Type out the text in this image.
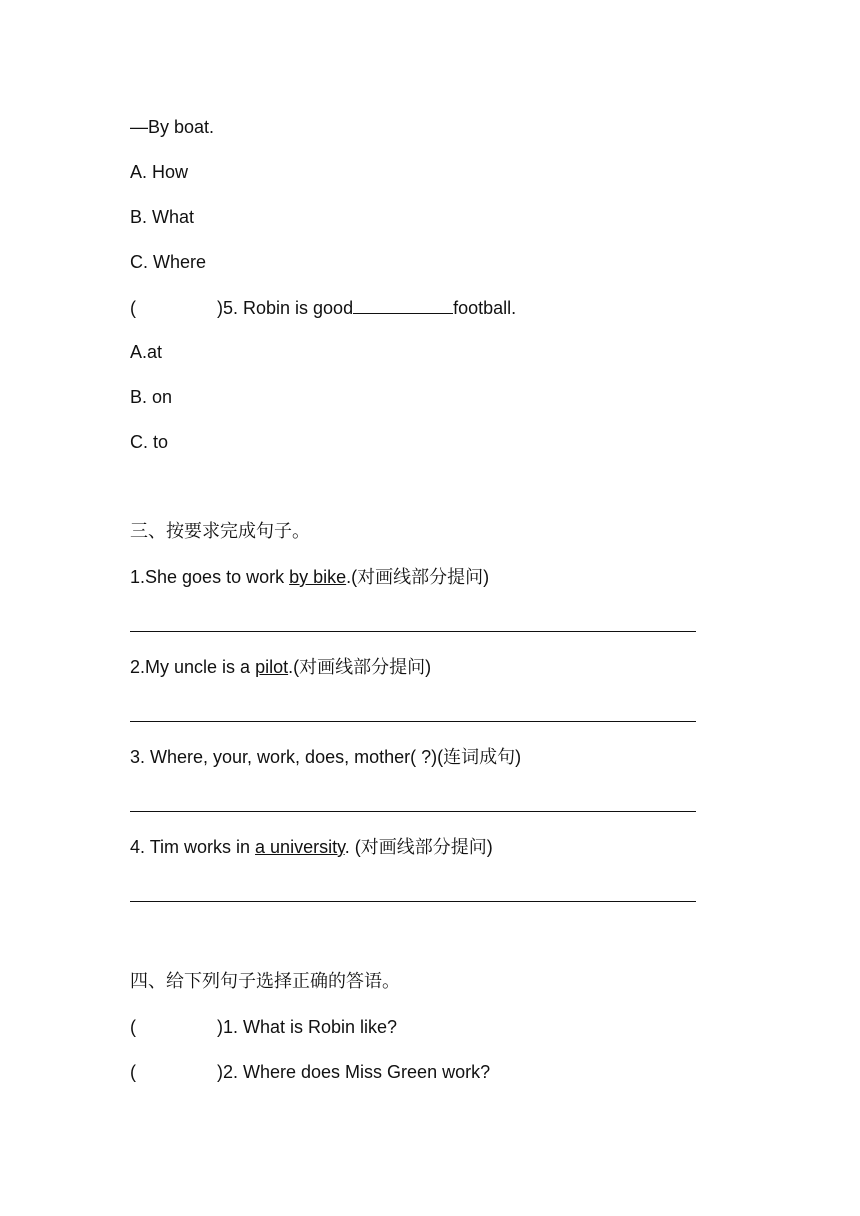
—By boat.
A. How
B. What
C. Where
(	)5. Robin is good	football.
A.at
B. on
C. to
三、按要求完成句子。
1.She goes to work by bike.(对画线部分提问)
2.My uncle is a pilot.(对画线部分提问)
3. Where, your, work, does, mother( ?)(连词成句)
4. Tim works in a university. (对画线部分提问)
四、给下列句子选择正确的答语。
(	)1. What is Robin like?
(	)2. Where does Miss Green work?
